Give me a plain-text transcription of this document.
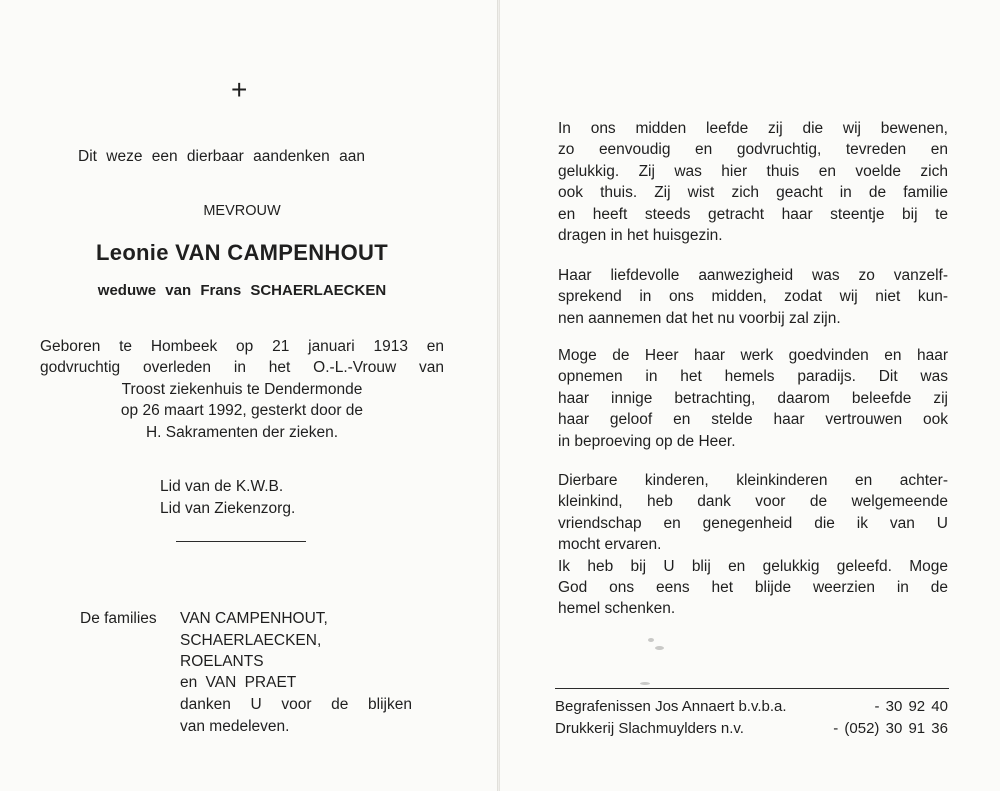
+
Dit weze een dierbaar aandenken aan
MEVROUW
Leonie VAN CAMPENHOUT
weduwe van Frans SCHAERLAECKEN

Geboren te Hombeek op 21 januari 1913 en

godvruchtig overleden in het O.-L.-Vrouw van

Troost ziekenhuis te Dendermonde

op 26 maart 1992, gesterkt door de

H. Sakramenten der zieken.

Lid van de K.W.B.
Lid van Ziekenzorg.
De families VAN CAMPENHOUT,
SCHAERLAECKEN,
ROELANTS
en VAN PRAET
danken U voor de blijken
van medeleven.

In ons midden leefde zij die wij bewenen,

zo eenvoudig en godvruchtig, tevreden en

gelukkig. Zij was hier thuis en voelde zich

ook thuis. Zij wist zich geacht in de familie

en heeft steeds getracht haar steentje bij te

dragen in het huisgezin.

Haar liefdevolle aanwezigheid was zo vanzelf-

sprekend in ons midden, zodat wij niet kun-

nen aannemen dat het nu voorbij zal zijn.

Moge de Heer haar werk goedvinden en haar

opnemen in het hemels paradijs. Dit was

haar innige betrachting, daarom beleefde zij

haar geloof en stelde haar vertrouwen ook

in beproeving op de Heer.

Dierbare kinderen, kleinkinderen en achter-

kleinkind, heb dank voor de welgemeende

vriendschap en genegenheid die ik van U

mocht ervaren.

Ik heb bij U blij en gelukkig geleefd. Moge

God ons eens het blijde weerzien in de

hemel schenken.

Begrafenissen Jos Annaert b.v.b.a.	- 30 92 40
Drukkerij Slachmuylders n.v.	- (052) 30 91 36
